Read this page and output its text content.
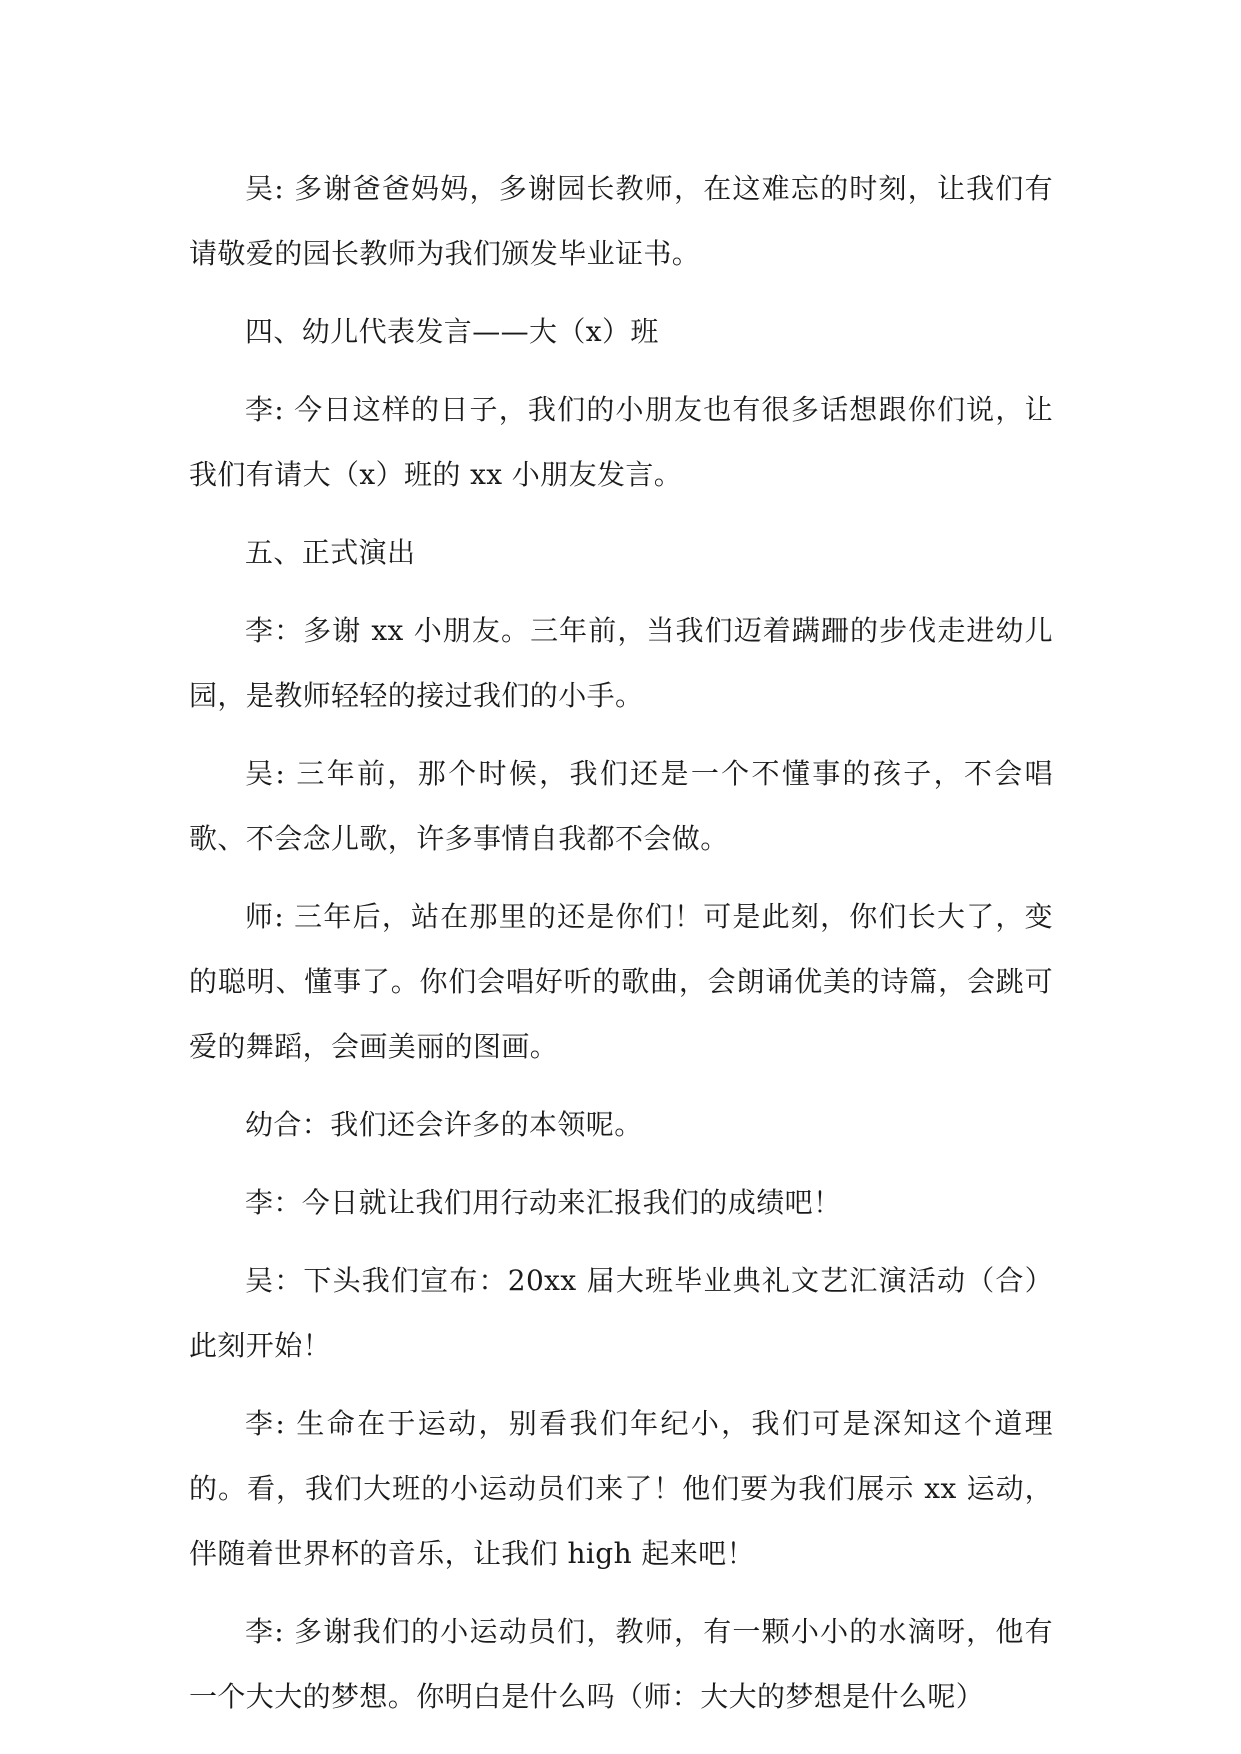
吴: 多谢爸爸妈妈，多谢园长教师，在这难忘的时刻，让我们有请敬爱的园长教师为我们颁发毕业证书。

四、幼儿代表发言——大（x）班

李: 今日这样的日子，我们的小朋友也有很多话想跟你们说，让我们有请大（x）班的 xx 小朋友发言。

五、正式演出

李：多谢 xx 小朋友。三年前，当我们迈着蹒跚的步伐走进幼儿园，是教师轻轻的接过我们的小手。

吴: 三年前，那个时候，我们还是一个不懂事的孩子，不会唱歌、不会念儿歌，许多事情自我都不会做。

师: 三年后，站在那里的还是你们！可是此刻，你们长大了，变的聪明、懂事了。你们会唱好听的歌曲，会朗诵优美的诗篇，会跳可爱的舞蹈，会画美丽的图画。

幼合：我们还会许多的本领呢。

李：今日就让我们用行动来汇报我们的成绩吧！

吴：下头我们宣布：20xx 届大班毕业典礼文艺汇演活动（合）此刻开始！

李: 生命在于运动，别看我们年纪小，我们可是深知这个道理的。看，我们大班的小运动员们来了！他们要为我们展示 xx 运动，伴随着世界杯的音乐，让我们 high 起来吧！

李: 多谢我们的小运动员们，教师，有一颗小小的水滴呀，他有一个大大的梦想。你明白是什么吗（师：大大的梦想是什么呢）
